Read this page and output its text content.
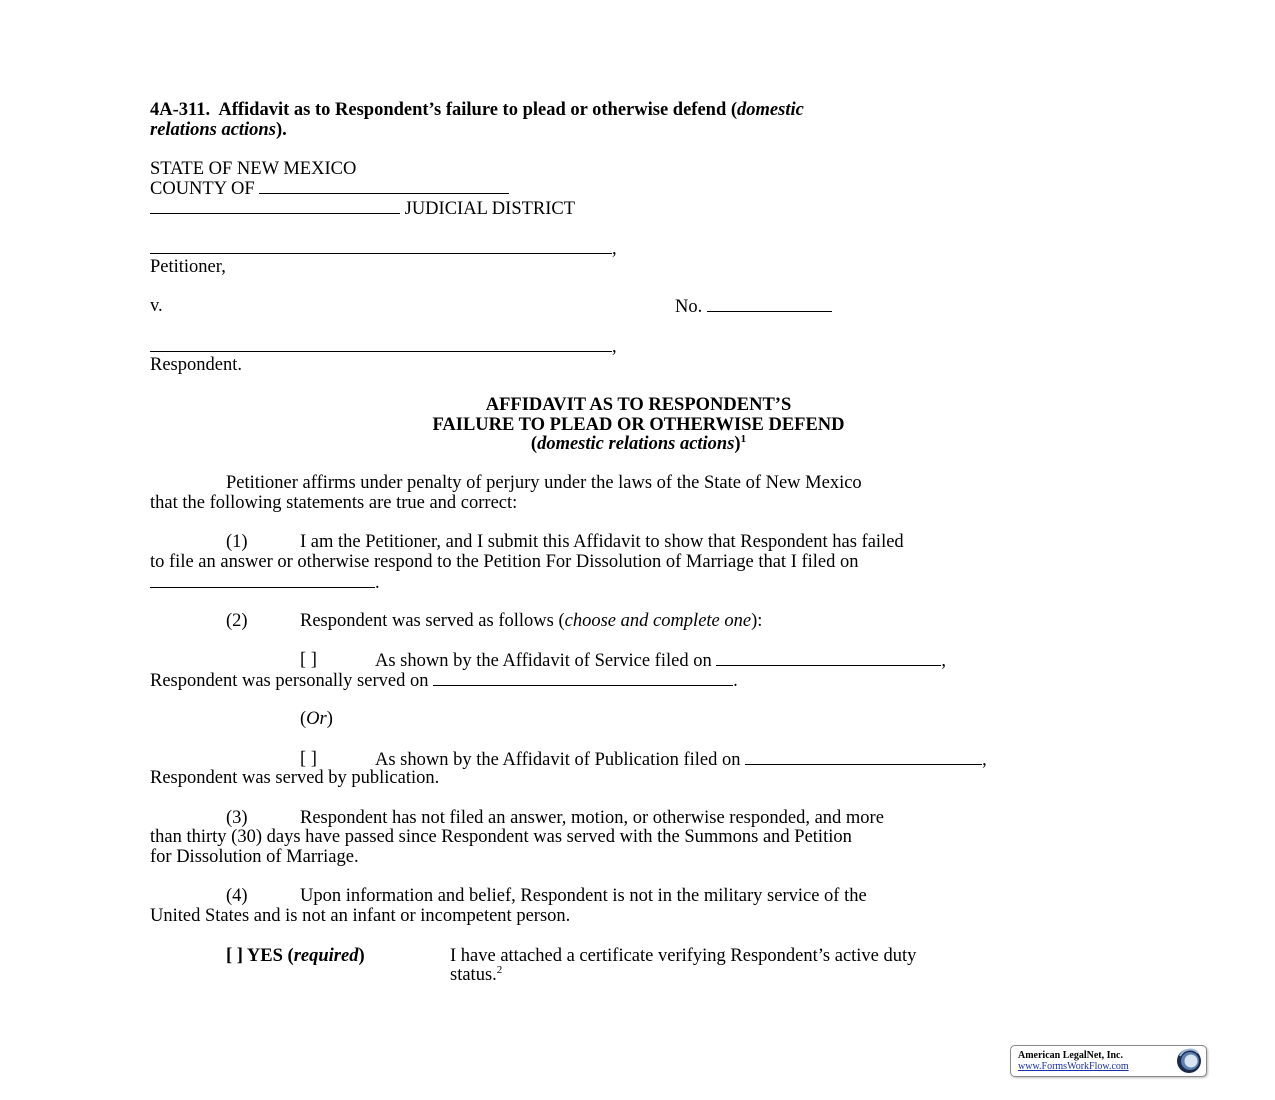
4A-311. Affidavit as to Respondent’s failure to plead or otherwise defend (domestic
relations actions).
STATE OF NEW MEXICO
COUNTY OF
JUDICIAL DISTRICT
,
Petitioner,
v.	No.
,
Respondent.
AFFIDAVIT AS TO RESPONDENT’S
FAILURE TO PLEAD OR OTHERWISE DEFEND
(domestic relations actions)$^1$
Petitioner affirms under penalty of perjury under the laws of the State of New Mexico
that the following statements are true and correct:
(1)	I am the Petitioner, and I submit this Affidavit to show that Respondent has failed
to file an answer or otherwise respond to the Petition For Dissolution of Marriage that I filed on
.
(2)	Respondent was served as follows (choose and complete one):
[ ]	As shown by the Affidavit of Service filed on	,
Respondent was personally served on	.
(Or)
[ ]	As shown by the Affidavit of Publication filed on	,
Respondent was served by publication.
(3)	Respondent has not filed an answer, motion, or otherwise responded, and more
than thirty (30) days have passed since Respondent was served with the Summons and Petition
for Dissolution of Marriage.
(4)	Upon information and belief, Respondent is not in the military service of the
United States and is not an infant or incompetent person.
[ ] YES (required)	I have attached a certificate verifying Respondent’s active duty
status.$^2$
American LegalNet, Inc.
www.FormsWorkFlow.com
